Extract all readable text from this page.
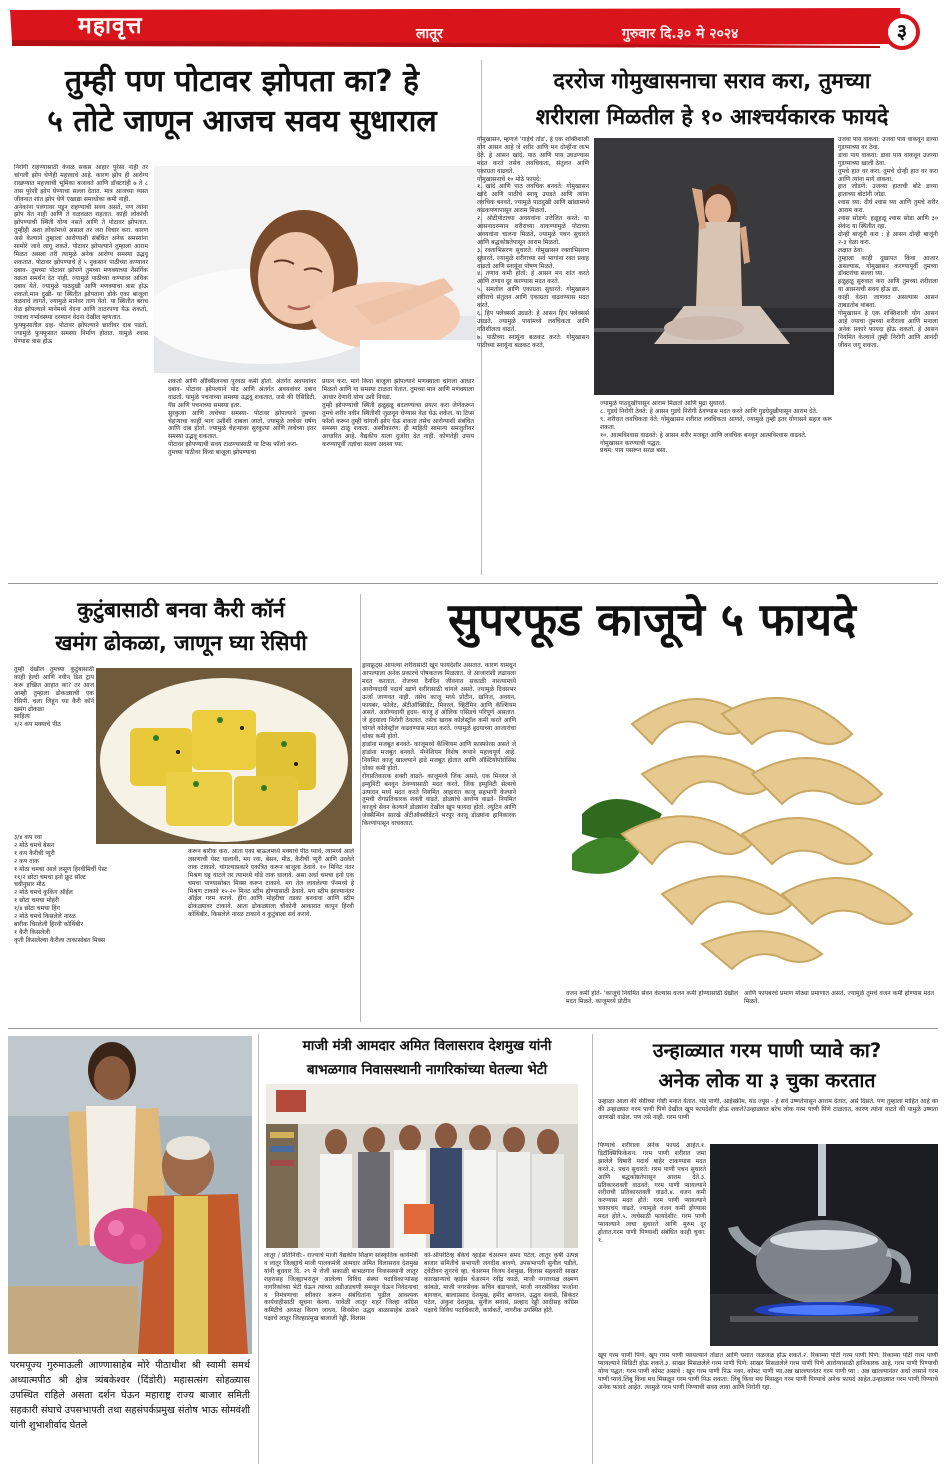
महावृत्त	लातूर	गुरुवार दि.३० मे २०२४	३
तुम्ही पण पोटावर झोपता का? हे
५ तोटे जाणून आजच सवय सुधाराल
निरोगी राहण्यासाठी केवळ सकस आहार पुरेसा नाही तर चांगली झोप घेणेही महत्त्वाचे आहे. कारण झोप ही आरोग्य राखण्यात महत्त्वाची भूमिका बजावते आणि डॉक्टरांही ७ ते ८ तास पुरेशी झोप घेण्याचा सल्ला देतात. मात्र आजच्या व्यस्त जीवनात शांत झोप घेणे एखाद्या समाधोका कमी नाही.
अनेकांना पलंगावर पडून राहण्याची सवय असते, पण त्यांना झोप येत नाही आणि ते वळवळत राहतात. काही लोकांची झोपण्याची स्थिती योग्य नसते आणि ते पोटावर झोपतात. तुम्हीही अशा लोकांमध्ये असाल तर जरा विचार करा. कारण असे केल्याने तुम्हाला आरोग्याशी संबंधित अनेक समस्यांना सामोरे जावे लागू शकते. पोटावर झोपल्याने तुम्हाला आराम मिळत असला तरी त्यामुळे अनेक आरोग्य समस्या उद्भवू शकतात. पोटावर झोपण्याचे हे ५ नुकसान पाठीच्या कण्यावर दबाव- तुमच्या पोटावर झोपणे तुमच्या मणक्याच्या नैसर्गिक वक्रता समर्थन देत नाही, ज्यामुळे पाठीच्या कण्यावर अधिक दबाव येते. ज्यामुळे पाठदुखी आणि मणक्याचा त्रास होऊ शकतो.मान दुखी- या स्थितीत झोपताना डोके एका बाजूला वळवावे लागते, ज्यामुळे मानेवर ताण येतो. या स्थितीत बराच वेळ झोपल्याने मानेमध्ये वेदना आणि ताठरपणा येऊ शकतो, ज्याला गर्भावस्थ्या दरम्यान वेदना देखील म्हणतात.
फुफ्फुसातील दाह- पोटावर झोपल्याने छातीवर दाब पडतो, ज्यामुळे फुफ्फुसात समस्या निर्माण होतात. यामुळे श्वास घेण्यास त्रास होऊ
शकतो आणि ऑक्सिजनचा पुरवठा कमी होतो. अंतर्गत अवयवांवर दबाव- पोटावर झोपल्याने पोट आणि अंतर्गत अवयवांवर दबाव वाढतो. यामुळे पचनाच्या समस्या उद्भवू शकतात, जसे की ऍसिडिटी, गॅस आणि पचनाच्या समस्या इतर.
सुरकुत्या आणि त्वचेच्या समस्या- पोटावर झोपल्याने तुमच्या चेहऱ्याचा काही भाग उशीशी दाबला जातो, ज्यामुळे त्वचेवर घर्षण आणि दाब होतो. ज्यामुळे चेहऱ्यावर सुरकुत्या आणि त्वचेच्या इतर समस्या उद्भवू शकतात.
पोटावर झोपण्याची सवय टाळण्यासाठी या टिप्स फॉलो करा-
तुमच्या पाठीवर किंवा बाजूला झोपण्याचा
प्रयत्न करा. मागे किंवा बाजूला झोपल्याने मणक्याला चांगला आधार मिळतो आणि या समस्या टाळता येतात. तुमच्या मान आणि मणक्याला आधार देणारी योग्य उशी निवडा.
तुम्ही झोपण्याची स्थिती हळूहळू बदलण्याचा प्रयत्न करा जेणेकरून तुमचे शरीर नवीन स्थितीशी जुळवून घेण्यास वेळ घेऊ शकेल. या टिप्स फॉलो करून तुम्ही चांगली झोप घेऊ शकता तसेच आरोग्याशी संबंधित समस्या टाळू शकता. अस्वीकारण: ही माहिती सामान्य समजुतीवर आधारित आहे. वैद्यकीय याला दुजोरा देत नाही. कोणतेही उपाय करण्यापूर्वी तज्ञांचा सल्ला अवश्य घ्या.
दररोज गोमुखासनाचा सराव करा, तुमच्या
शरीराला मिळतील हे १० आश्चर्यकारक फायदे
गोमुखासन, म्हणजे 'गाईचे तोंड', हे एक शक्तिशाली योग आसन आहे जे शरीर आणि मन दोन्हींना लाभ देते. हे आसन खांदे, पाठ आणि पाय उघडण्यास मदत करते तसेच लवचिकता, संतुलन आणि एकाग्रता वाढवते.
गोमुखासनाचे १० मोठे फायदे:
१. खांदे आणि पाठ लवचिक बनवते: गोमुखासन खांदे आणि पाठीचे स्नायू उघडते आणि त्यांना लवचिक बनवते, ज्यामुळे पाठदुखी आणि खांद्यामध्ये कडकपणापासून आराम मिळतो.
२. ओटीपोटाच्या अवयवांना उत्तेजित करते: या आसनादरम्यान शरीराच्या वाकण्यामुळे पोटाच्या अवयवांना चालना मिळते, ज्यामुळे पचन सुधारते आणि बद्धकोष्ठतेपासून आराम मिळतो.
३. रक्ताभिसरण सुधारते: गोमुखासन रक्ताभिसरण सुधारते, ज्यामुळे शरीराच्या सर्व भागांना रक्त प्रवाह वाढतो आणि स्नायूंना पोषण मिळते.
४. तणाव कमी होतो: हे आसन मन शांत करते आणि तणाव दूर करण्यास मदत करते.
५. समतोल आणि एकाग्रता सुधारते: गोमुखासन शरीराचे संतुलन आणि एकाग्रता वाढवण्यास मदत करते.
६. हिप फ्लेक्सर्स उघडते: हे आसन हिप फ्लेक्सर्स उघडते, ज्यामुळे पायांमध्ये लवचिकता आणि गतिशीलता वाढते.
७. पाठीच्या स्नायूंना बळकट करते: गोमुखासन पाठीच्या स्नायूंना बळकट करते,
उजवा पाय वाकवा: उजवा पाय वाकवून डाव्या गुडघ्याच्या वर ठेवा.
डावा पाय वाकवा: डावा पाय वाकवून उजव्या गुडघ्याच्या खाली ठेवा.
तुमचे हात वर करा: तुमचे दोन्ही हात वर करा आणि त्यांना मागे वाकवा.
हात जोडणे: उजव्या हाताची बोटे डाव्या हाताच्या बोटांनी जोडा.
श्वास घ्या: दीर्घ श्वास घ्या आणि तुमचे शरीर आराम करा.
श्वास सोडणे: हळूहळू श्वास सोडा आणि ३० सेकंद या स्थितीत रहा.
दोन्ही बाजूंनी करा : हे आसन दोन्ही बाजूंनी २-३ वेळा करा.
लक्षात ठेवा:
तुम्हाला काही दुखापत किंवा आजार असल्यास, गोमुखासन करण्यापूर्वी तुमच्या डॉक्टरांचा सल्ला घ्या.
हळूहळू सुरुवात करा आणि तुमच्या शरीराला या आसनाची सवय होऊ द्या.
काही वेदना जाणवत असल्यास आसन ताबडतोब थांबवा.
गोमुखासन हे एक शक्तिशाली योग आसन आहे ज्याचा तुमच्या शरीराला आणि मनाला अनेक प्रकारे फायदा होऊ शकतो. हे आसन नियमित केल्याने तुम्ही निरोगी आणि आनंदी जीवन जगू शकता.
ज्यामुळे पाठदुखीपासून आराम मिळतो आणि मुद्रा सुधारते.
८. गुडघे निरोगी ठेवते: हे आसन गुडघे निरोगी ठेवण्यास मदत करते आणि गुडघेदुखीपासून आराम देते.
९. शरीरात लवचिकता येते: गोमुखासन शरीरात लवचिकता आणते, ज्यामुळे तुम्ही इतर योगासने सहज करू शकता.
१०. आत्मविश्वास वाढवते: हे आसन शरीर मजबूत आणि लवचिक बनवून आत्मविश्वास वाढवते.
गोमुखासन करण्याची पद्धत:
प्रथम: पाय पसरून सरळ बसा.
कुटुंबासाठी बनवा कैरी कॉर्न
खमंग ढोकळा, जाणून घ्या रेसिपी
तुम्ही देखील तुमच्या कुटुंबासाठी काही हेल्दी आणि नवीन डिश ट्राय करू इच्छित आहात का? तर आज आम्ही तुम्हाला ढोकळ्याची एक रेसिपी. चला लिहून घ्या कैरी कॉर्न खमंग ढोकळा
साहित्य
१/२ कप मक्याचे पीठ
३/४ कप रवा
२ मोठे चमचे बेसन
१ कप कैरीची प्युरी
२ कप ताक
१ मोठा चमचा आले लसूण हिरवीमिर्ची पेस्ट
११/२ छोटा चमचा इनो फ्रूट सॉल्ट
चवीनुसार मीठ
२ मोठे चमचे कुकिंग ऑईल
१ छोटा चमचा मोहरी
१/४ छोटा चमचा हिंग
२ मोठे चमचे किसलेले नारळ
बारीक चिरलेली हिरवी कोथिंबीर
१ कैरी किसलेली
कृती किसलेल्या कैरीला ताकासोबत मिक्स
करून बारीक करा. आता एका बाऊलमध्ये मक्याचे पीठ घ्यावे, त्यामध्ये आले लसणाची पेस्ट घालावी, मग रवा, बेसन, मीठ, कैरीची प्युरी आणि उरलेले ताक टाकावे. चांगल्याप्रकारे एकत्रित करून बाजूला ठेवावे. १० मिनिट नंतर मिश्रण घट्ट वाटले तर त्यामध्ये थोडे ताक घालावे. असा अर्धा चमचा इनो एक चमचा पाण्यासोबत मिक्स करून टाकावे. मग तेल लावलेल्या पॅनमध्ये हे मिश्रण टाकावे १५-२० मिनट स्टीम होण्यासाठी ठेवावे. मग स्टीम झाल्यानंतर ऑईल गरम करावे. हींग आणि मोहरीचा तडका बनवावा आणि स्टीम ढोकळ्यावर टाकावे. आता ढोकळ्याला चौकोनी आकारात कापून हिरवी कोथिंबीर, किसलेले नारळ टाकावे व कुटुंबाला सर्व करावे.
सुपरफूड काजूचे ५ फायदे
ड्रायफ्रूट्स आपल्या शरीरासाठी खूप फायदेशीर असतात. कारण यामधून आपल्याला अनेक प्रकारचे पोषकतत्त्व मिळतात. जे आजारांशी लढायला मदत करतात. रोजच्या दैनंदिन जीवनात सकाळी नाश्त्यामध्ये आरोग्यदायी पदार्थ खाणे शरीरासाठी चांगले असते. ज्यामुळे दिवसभर ऊर्जा जाणवत नाही. तसेच काजू मध्ये प्रोटीन, खनिज, अवयन, फायबर, फोलेट, अँटीऑक्सिडेंट, मिनरल, व्हिटॅमिन आणि कॅल्शियम असते. आरोग्यदायी हृदय- काजू हे ओलिक एसिडचे परिपूर्ण असतात. जे हृदयाला निरोगी ठेवतात. तसेच खराब कोलेस्ट्रॉल कमी करते आणि चांगले कोलेस्ट्रॉल वाढवण्यास मदत करते. ज्यामुळे हृदयाच्या आजारांचा धोका कमी होतो.
हाडांना मजबूत बनवते- काजूमध्ये कॅल्शियम आणि फास्फोरस असते जे हाडांना मजबूत बनवते. मॅग्नेशियम विशेष रूपाने महत्त्वपूर्ण आहे. नियमित काजू खाल्ल्याने हाडे मजबूत होतात आणि ऑस्टियोपोरोसिस धोका कमी होतो.
रोगप्रतिकारक शक्ती वाढते- काजूमध्ये जिंक असते, एक मिनरल जे इम्युनिटी बनवून ठेवण्यासाठी मदत करते. जिंक इम्युनिटी सेल्सचे उत्पादन मध्ये मदत करते नियमित आहारात काजू सहभागी केल्याने तुमची रोगप्रतिकारक शक्ती वाढते. डोळ्यांचे आरोग्य वाढते- नियमित काजूचे सेवन केल्याने डोळ्यांना देखील खूप फायदा होतो. ल्यूटिन आणि जेक्सैन्थिन सारखे अँटीऑक्सीडेंटने भरपूर काजू डोळ्यांना हानिकारक किरणांपासून वाचवतात.
वजन कमी होते- 'काजूचे नियमित सेवन केल्यास वजन कमी होण्यासाठी देखील मदत मिळते. काजूमध्ये प्रोटीन
आणि फायबरचे प्रमाण मोठ्या प्रमाणात असते. ज्यामुळे तुमचे वजन कमी होण्यास मदत मिळते.
परमपूज्य गुरुमाऊली आण्णासाहेब मोरे पीठाधीश श्री स्वामी समर्थ अध्यात्मपीठ श्री क्षेत्र त्र्यंबकेश्वर (दिंडोरी) महासत्संग सोहळ्यास उपस्थित राहिले असता दर्शन घेऊन महाराष्ट्र राज्य बाजार समिती सहकारी संघाचे उपसभापती तथा सहसंपर्कप्रमुख संतोष भाऊ सोमवंशी यांनी शुभाशीर्वाद घेतले
माजी मंत्री आमदार अमित विलासराव देशमुख यांनी
बाभळगाव निवासस्थानी नागरिकांच्या घेतल्या भेटी
लातूर / प्रतिनिधी:- राज्याचे माजी वैद्यकीय शिक्षण सांस्कृतिक कार्यमंत्री व लातूर जिल्ह्याचे माजी पालकमंत्री आमदार अमित विलासराव देशमुख यांनी बुधवार दि. २९ मे रोजी सकाळी बाभळगाव निवासस्थानी लातूर शहरासह जिल्ह्याभरातून आलेल्या विविध संस्था पदाधिकाऱ्यांसह नागरिकांच्या भेटी घेऊन त्यांच्या अडीअडचणी समजून घेऊन निवेदनाचा व निमंत्रणाचा स्वीकार करून संबंधितांना पुढील आवश्यक कार्यवाहीसाठी सूचना केल्या. यावेळी लातूर शहर जिल्हा काँग्रेस कमिटीचे अध्यक्ष किरण जाधव, शिवसेना उद्धव बाळासाहेब ठाकरे पक्षाचे लातूर जिल्हाप्रमुख बालाजी रेड्डी, विलास
को-ऑपरेटिव्ह बँकेचे व्हाईस चेअरमन समद पटेल, लातूर कृषी उत्पन्न बाजार समितीचे सभापती जगदीश बावणे, उपसभापती सुनील पडीले, ट्वेंटीवन शुगरचे व्हा. चेअरमन विजय देशमुख, विलास सहकारी साखर कारखान्याचे व्हाईस चेअरमन रवींद्र काळे, माजी नगराध्यक्ष लक्ष्मण कांबळे, माजी नगरसेवक सचिन बंडापल्ले, माजी नगरसेविका फर्जाना बागवान, बालाप्रसाद देशमुख, हमीद बागवान, उद्धव सवासे, सिकंदर पटेल, अंकुश देशमुख, सुनील सवासे, प्रल्हाद रेड्डी आदीसह काँग्रेस पक्षाचे विविध पदाधिकारी, कार्यकर्ते, नागरीक उपस्थित होते.
उन्हाळ्यात गरम पाणी प्यावे का?
अनेक लोक या ३ चुका करतात
उन्हाळा आला की थंडीच्या गोष्टी मनात येतात. थंड पाणी, आईस्क्रीम, थंड ज्यूस - हे सर्व उष्णतेपासून आराम देतात, असे दिसते. पण तुम्हाला माहित आहे का की उन्हाळ्यात गरम पाणी पिणे देखील खूप फायदेशीर होऊ शकते?उन्हाळ्यात बरेच लोक गरम पाणी पिणे टाळतात, कारण त्यांना वाटते की यामुळे उष्णता आणखी वाढेल. पण तसे नाही. गरम पाणी
पिण्याचे शरीराला अनेक फायदे आहेत.१. डिटॉक्सिफिकेशन: गरम पाणी शरीरात जमा झालेले विषारी पदार्थ बाहेर टाकण्यास मदत करते.२. पचन सुधारते: गरम पाणी पचन सुधारते आणि बद्धकोष्ठतेपासून आराम देते.३. प्रतिकारशक्ती वाढवते: गरम पाणी प्यायल्याने शरीराची प्रतिकारशक्ती वाढते.४. वजन कमी करण्यास मदत होते: गरम पाणी प्यायल्याने चयापचय वाढते, ज्यामुळे वजन कमी होण्यास मदत होते.५. त्वचेसाठी फायदेशीर: गरम पाणी प्यायल्याने त्वचा सुधारते आणि मुरुम दूर होतात.गरम पाणी पिण्याशी संबंधित काही चुका: १.
खूप गरम पाणी पिणे: खूप गरम पाणी प्यायल्याने तोंडात आणि घशात जळजळ होऊ शकते.२. रिकाम्या पोटी गरम पाणी पिणे: रिकाम्या पोटी गरम पाणी प्यायल्याने सिडिटी होऊ शकते.३. साखर मिसळलेले गरम पाणी पिणे: साखर मिसळलेले गरम पाणी पिणे आरोग्यासाठी हानिकारक आहे. गरम पाणी पिण्याची योग्य पद्धत: गरम पाणी कोमट असावे : खूप गरम पाणी पिऊ नका, कोमट पाणी प्या.अन्न खाल्ल्यानंतर गरम पाणी प्या : अन्न खाल्ल्यानंतर अर्धा तासाने गरम पाणी प्यावे.लिंबू किंवा मध मिसळून गरम पाणी पिऊ शकता: लिंबू किंवा मध मिसळून गरम पाणी पिण्याचे अनेक फायदे आहेत.उन्हाळ्यात गरम पाणी पिण्याचे अनेक फायदे आहेत. त्यामुळे गरम पाणी पिण्याची सवय लावा आणि निरोगी रहा.
